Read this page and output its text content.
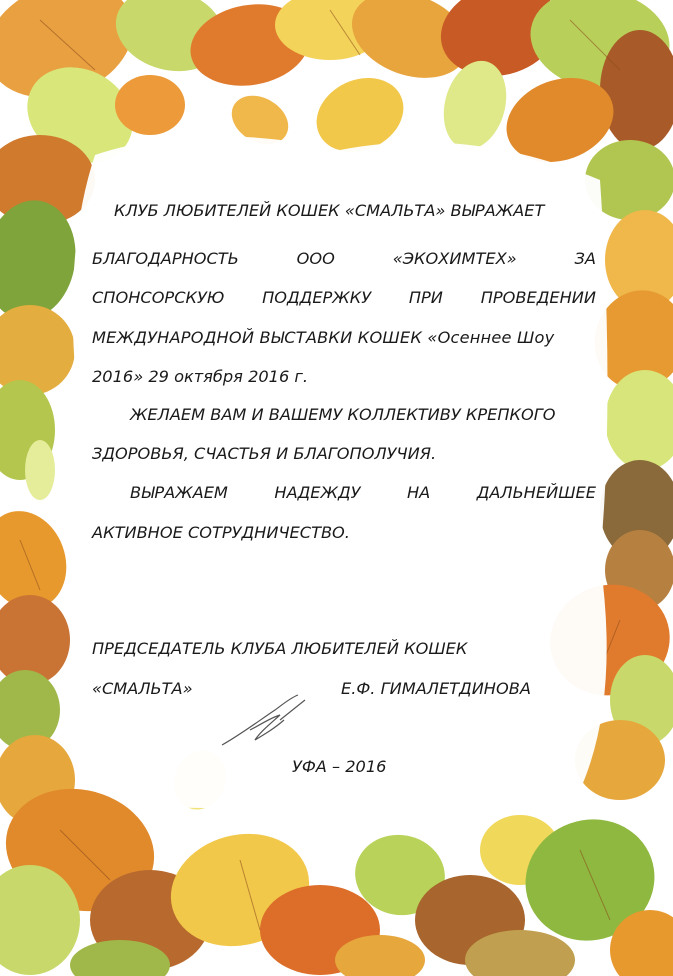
КЛУБ ЛЮБИТЕЛЕЙ КОШЕК «СМАЛЬТА» ВЫРАЖАЕТ
БЛАГОДАРНОСТЬ	ООО	«ЭКОХИМТЕХ»	ЗА
СПОНСОРСКУЮ ПОДДЕРЖКУ ПРИ ПРОВЕДЕНИИ
МЕЖДУНАРОДНОЙ ВЫСТАВКИ КОШЕК «Осеннее Шоу
2016» 29 октября 2016 г.
ЖЕЛАЕМ ВАМ И ВАШЕМУ КОЛЛЕКТИВУ КРЕПКОГО
ЗДОРОВЬЯ, СЧАСТЬЯ И БЛАГОПОЛУЧИЯ.
ВЫРАЖАЕМ	НАДЕЖДУ	НА	ДАЛЬНЕЙШЕЕ
АКТИВНОЕ СОТРУДНИЧЕСТВО.
ПРЕДСЕДАТЕЛЬ КЛУБА ЛЮБИТЕЛЕЙ КОШЕК
«СМАЛЬТА»	Е.Ф. ГИМАЛЕТДИНОВА
УФА – 2016
